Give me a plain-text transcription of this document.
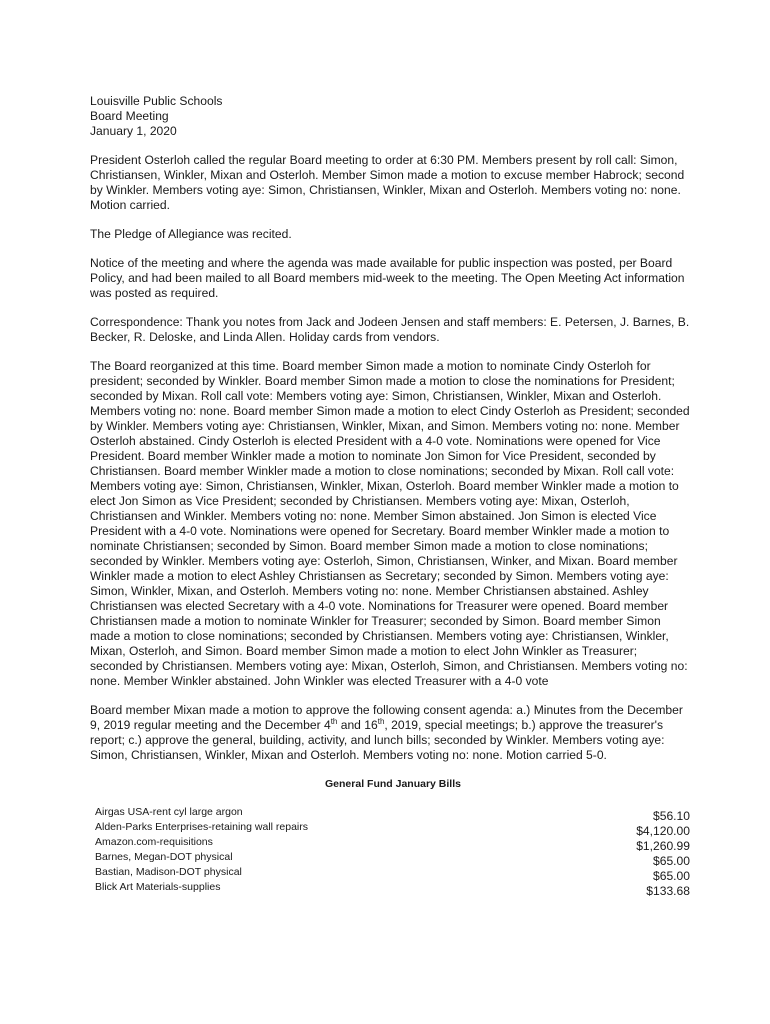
Louisville Public Schools
Board Meeting
January 1, 2020

President Osterloh called the regular Board meeting to order at 6:30 PM. Members present by roll call: Simon, Christiansen, Winkler, Mixan and Osterloh. Member Simon made a motion to excuse member Habrock; second by Winkler. Members voting aye: Simon, Christiansen, Winkler, Mixan and Osterloh. Members voting no: none. Motion carried.

The Pledge of Allegiance was recited.

Notice of the meeting and where the agenda was made available for public inspection was posted, per Board Policy, and had been mailed to all Board members mid-week to the meeting. The Open Meeting Act information was posted as required.

Correspondence: Thank you notes from Jack and Jodeen Jensen and staff members: E. Petersen, J. Barnes, B. Becker, R. Deloske, and Linda Allen. Holiday cards from vendors.

The Board reorganized at this time. Board member Simon made a motion to nominate Cindy Osterloh for president; seconded by Winkler. Board member Simon made a motion to close the nominations for President; seconded by Mixan. Roll call vote: Members voting aye: Simon, Christiansen, Winkler, Mixan and Osterloh. Members voting no: none. Board member Simon made a motion to elect Cindy Osterloh as President; seconded by Winkler. Members voting aye: Christiansen, Winkler, Mixan, and Simon. Members voting no: none. Member Osterloh abstained. Cindy Osterloh is elected President with a 4-0 vote. Nominations were opened for Vice President. Board member Winkler made a motion to nominate Jon Simon for Vice President, seconded by Christiansen. Board member Winkler made a motion to close nominations; seconded by Mixan. Roll call vote: Members voting aye: Simon, Christiansen, Winkler, Mixan, Osterloh. Board member Winkler made a motion to elect Jon Simon as Vice President; seconded by Christiansen. Members voting aye: Mixan, Osterloh, Christiansen and Winkler. Members voting no: none. Member Simon abstained. Jon Simon is elected Vice President with a 4-0 vote. Nominations were opened for Secretary. Board member Winkler made a motion to nominate Christiansen; seconded by Simon. Board member Simon made a motion to close nominations; seconded by Winkler. Members voting aye: Osterloh, Simon, Christiansen, Winker, and Mixan. Board member Winkler made a motion to elect Ashley Christiansen as Secretary; seconded by Simon. Members voting aye: Simon, Winkler, Mixan, and Osterloh. Members voting no: none. Member Christiansen abstained. Ashley Christiansen was elected Secretary with a 4-0 vote. Nominations for Treasurer were opened. Board member Christiansen made a motion to nominate Winkler for Treasurer; seconded by Simon. Board member Simon made a motion to close nominations; seconded by Christiansen. Members voting aye: Christiansen, Winkler, Mixan, Osterloh, and Simon. Board member Simon made a motion to elect John Winkler as Treasurer; seconded by Christiansen. Members voting aye: Mixan, Osterloh, Simon, and Christiansen. Members voting no: none. Member Winkler abstained. John Winkler was elected Treasurer with a 4-0 vote

Board member Mixan made a motion to approve the following consent agenda: a.) Minutes from the December 9, 2019 regular meeting and the December 4th and 16th, 2019, special meetings; b.) approve the treasurer's report; c.) approve the general, building, activity, and lunch bills; seconded by Winkler. Members voting aye: Simon, Christiansen, Winkler, Mixan and Osterloh. Members voting no: none. Motion carried 5-0.

General Fund January Bills
Airgas USA-rent cyl large argon	$56.10
Alden-Parks Enterprises-retaining wall repairs	$4,120.00
Amazon.com-requisitions	$1,260.99
Barnes, Megan-DOT physical	$65.00
Bastian, Madison-DOT physical	$65.00
Blick Art Materials-supplies	$133.68
